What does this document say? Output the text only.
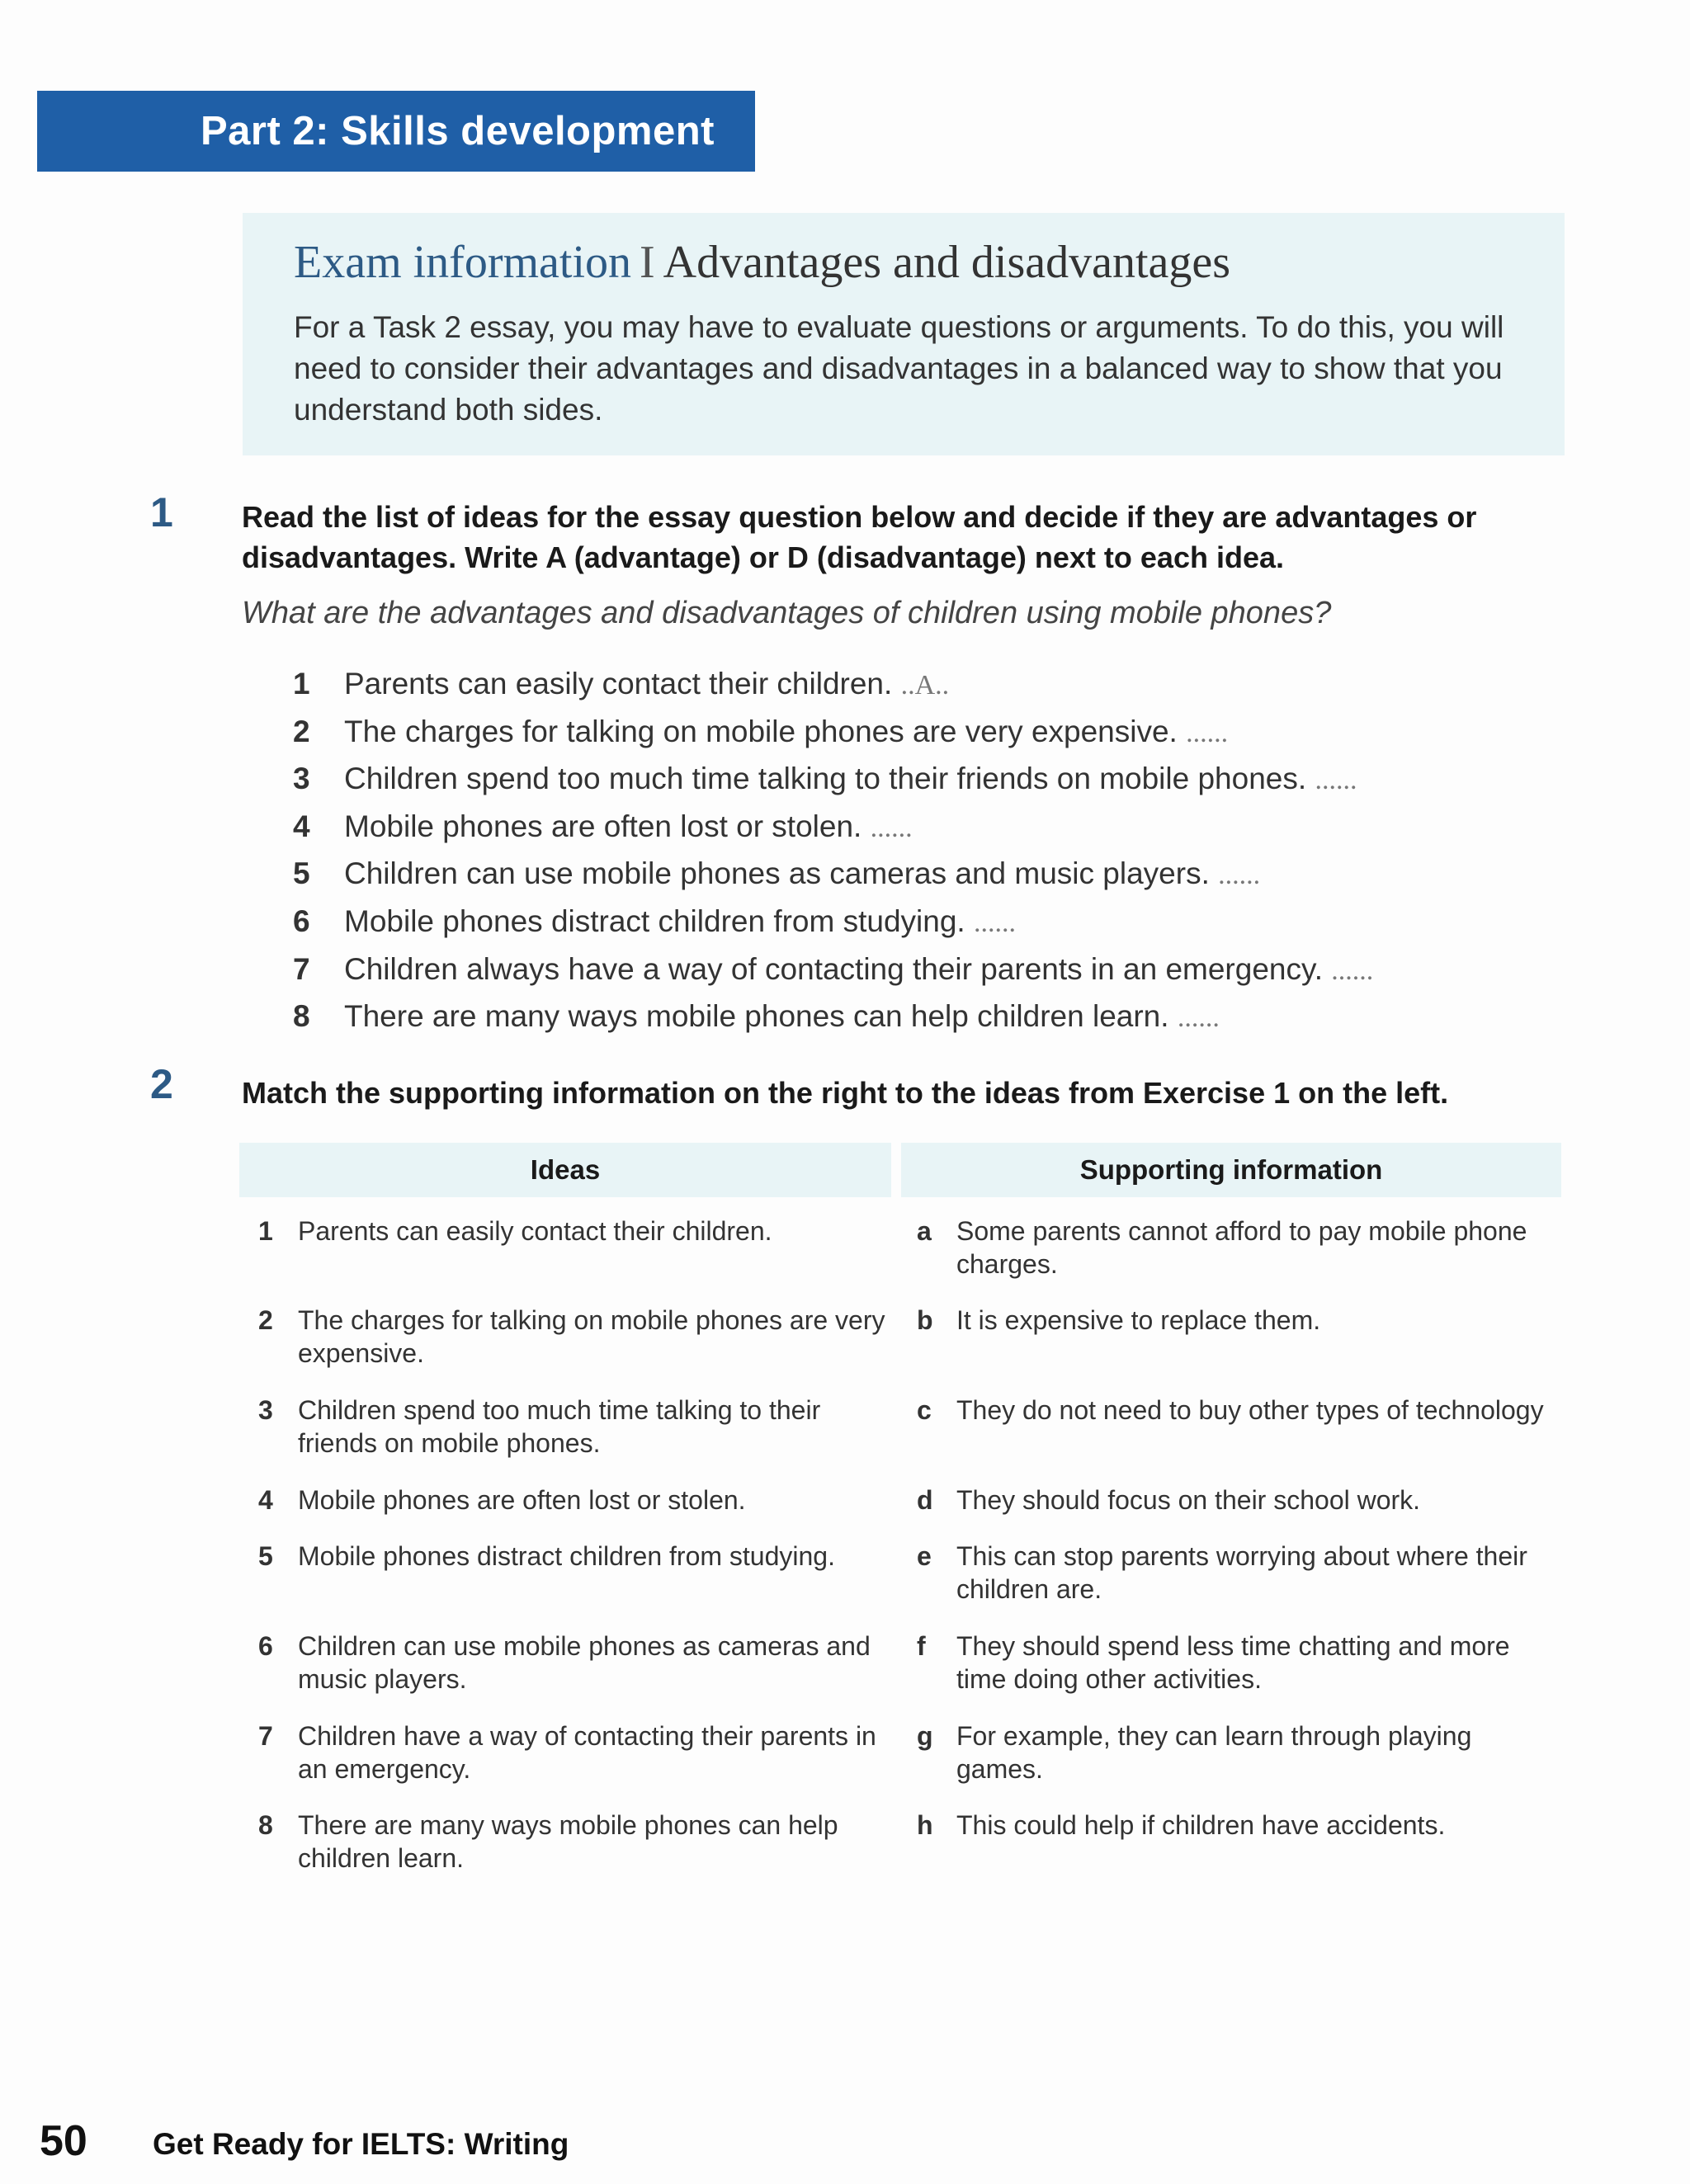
Part 2: Skills development
Exam information I Advantages and disadvantages
For a Task 2 essay, you may have to evaluate questions or arguments. To do this, you will need to consider their advantages and disadvantages in a balanced way to show that you understand both sides.
1 Read the list of ideas for the essay question below and decide if they are advantages or disadvantages. Write A (advantage) or D (disadvantage) next to each idea.
What are the advantages and disadvantages of children using mobile phones?
1 Parents can easily contact their children. ..A..
2 The charges for talking on mobile phones are very expensive. ......
3 Children spend too much time talking to their friends on mobile phones. ......
4 Mobile phones are often lost or stolen. ......
5 Children can use mobile phones as cameras and music players. ......
6 Mobile phones distract children from studying. ......
7 Children always have a way of contacting their parents in an emergency. ......
8 There are many ways mobile phones can help children learn. ......
2 Match the supporting information on the right to the ideas from Exercise 1 on the left.
Ideas	Supporting information
1 Parents can easily contact their children.
2 The charges for talking on mobile phones are very expensive.
3 Children spend too much time talking to their friends on mobile phones.
4 Mobile phones are often lost or stolen.
5 Mobile phones distract children from studying.
6 Children can use mobile phones as cameras and music players.
7 Children have a way of contacting their parents in an emergency.
8 There are many ways mobile phones can help children learn.
a Some parents cannot afford to pay mobile phone charges.
b It is expensive to replace them.
c They do not need to buy other types of technology
d They should focus on their school work.
e This can stop parents worrying about where their children are.
f	They should spend less time chatting and more time doing other activities.
g For example, they can learn through playing games.
h This could help if children have accidents.
50 Get Ready for IELTS: Writing
